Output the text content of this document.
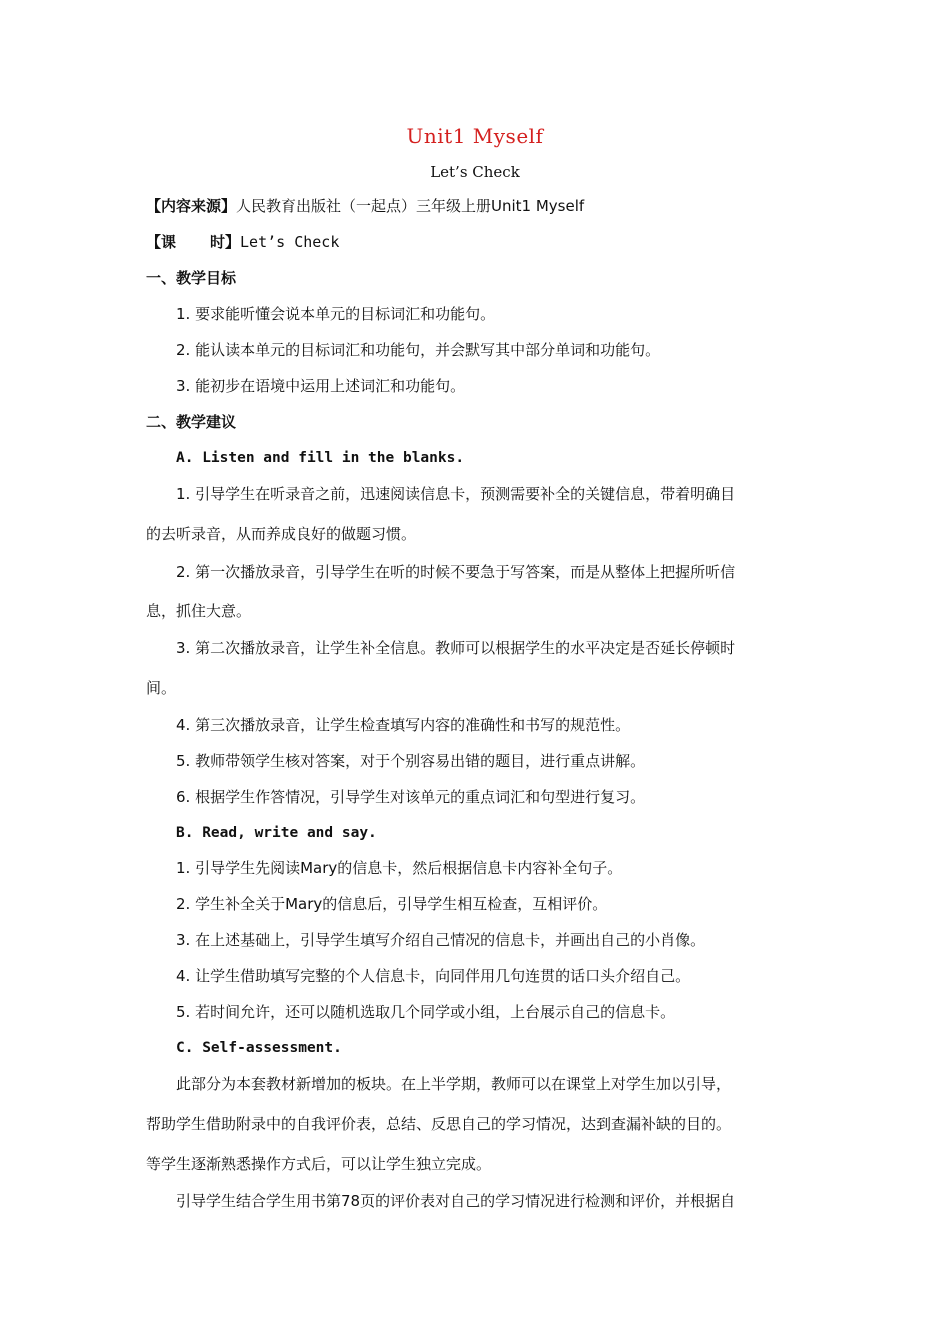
Unit1 Myself
Let’s Check
【内容来源】人民教育出版社（一起点）三年级上册Unit1 Myself
【课 时】Let’s Check
一、教学目标
1. 要求能听懂会说本单元的目标词汇和功能句。
2. 能认读本单元的目标词汇和功能句，并会默写其中部分单词和功能句。
3. 能初步在语境中运用上述词汇和功能句。
二、教学建议
A. Listen and fill in the blanks.
1. 引导学生在听录音之前，迅速阅读信息卡，预测需要补全的关键信息，带着明确目
的去听录音，从而养成良好的做题习惯。
2. 第一次播放录音，引导学生在听的时候不要急于写答案，而是从整体上把握所听信
息，抓住大意。
3. 第二次播放录音，让学生补全信息。教师可以根据学生的水平决定是否延长停顿时
间。
4. 第三次播放录音，让学生检查填写内容的准确性和书写的规范性。
5. 教师带领学生核对答案，对于个别容易出错的题目，进行重点讲解。
6. 根据学生作答情况，引导学生对该单元的重点词汇和句型进行复习。
B. Read, write and say.
1. 引导学生先阅读Mary的信息卡，然后根据信息卡内容补全句子。
2. 学生补全关于Mary的信息后，引导学生相互检查，互相评价。
3. 在上述基础上，引导学生填写介绍自己情况的信息卡，并画出自己的小肖像。
4. 让学生借助填写完整的个人信息卡，向同伴用几句连贯的话口头介绍自己。
5. 若时间允许，还可以随机选取几个同学或小组，上台展示自己的信息卡。
C. Self-assessment.
此部分为本套教材新增加的板块。在上半学期，教师可以在课堂上对学生加以引导，
帮助学生借助附录中的自我评价表，总结、反思自己的学习情况，达到查漏补缺的目的。
等学生逐渐熟悉操作方式后，可以让学生独立完成。
引导学生结合学生用书第78页的评价表对自己的学习情况进行检测和评价，并根据自
